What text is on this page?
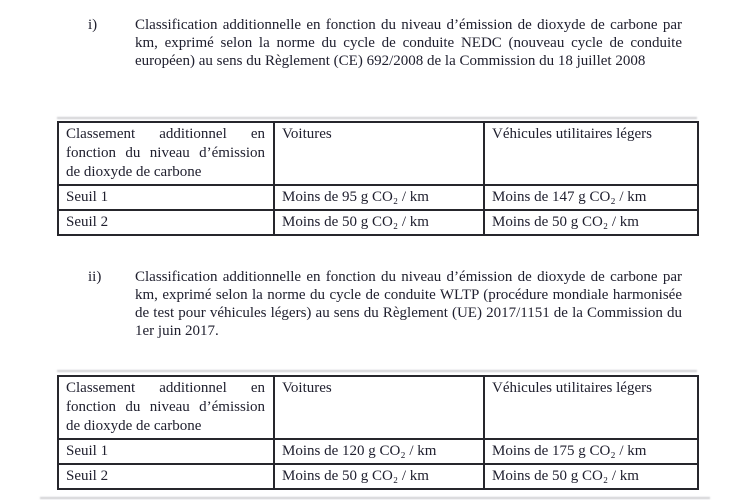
i)	Classification additionnelle en fonction du niveau d’émission de dioxyde de carbone par km, exprimé selon la norme du cycle de conduite NEDC (nouveau cycle de conduite européen) au sens du Règlement (CE) 692/2008 de la Commission du 18 juillet 2008
Classement additionnel en fonction du niveau d’émission de dioxyde de carbone	Voitures	Véhicules utilitaires légers
Seuil 1	Moins de 95 g CO₂ / km	Moins de 147 g CO₂ / km
Seuil 2	Moins de 50 g CO₂ / km	Moins de 50 g CO₂ / km
ii) Classification additionnelle en fonction du niveau d’émission de dioxyde de carbone par km, exprimé selon la norme du cycle de conduite WLTP (procédure mondiale harmonisée de test pour véhicules légers) au sens du Règlement (UE) 2017/1151 de la Commission du 1er juin 2017.
Classement additionnel en fonction du niveau d’émission de dioxyde de carbone	Voitures	Véhicules utilitaires légers
Seuil 1	Moins de 120 g CO₂ / km	Moins de 175 g CO₂ / km
Seuil 2	Moins de 50 g CO₂ / km	Moins de 50 g CO₂ / km
